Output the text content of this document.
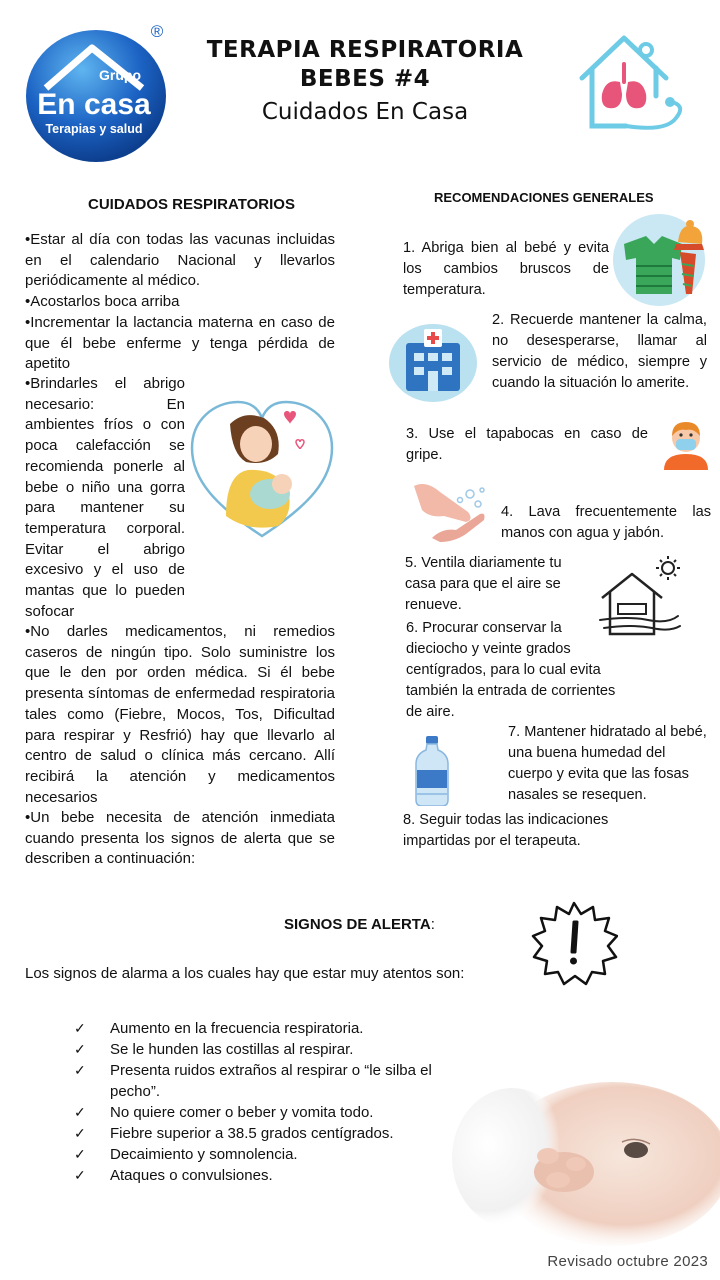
Grupo
En casa
Terapias y salud
®
TERAPIA RESPIRATORIA
BEBES #4
Cuidados En Casa
CUIDADOS RESPIRATORIOS
•Estar al día con todas las vacunas incluidas en el calendario Nacional y llevarlos periódicamente al médico.
•Acostarlos boca arriba
•Incrementar la lactancia materna en caso de que él bebe enferme y tenga pérdida de apetito
•Brindarles el abrigo necesario: En ambientes fríos o con poca calefacción se recomienda ponerle al bebe o niño una gorra para mantener su temperatura corporal. Evitar el abrigo excesivo y el uso de mantas que lo pueden sofocar
•No darles medicamentos, ni remedios caseros de ningún tipo. Solo suministre los que le den por orden médica. Si él bebe presenta síntomas de enfermedad respiratoria tales como (Fiebre, Mocos, Tos, Dificultad para respirar y Resfrió) hay que llevarlo al centro de salud o clínica más cercano. Allí recibirá la atención y medicamentos necesarios
•Un bebe necesita de atención inmediata cuando presenta los signos de alerta que se describen a continuación:
RECOMENDACIONES GENERALES
1. Abriga bien al bebé y evita los cambios bruscos de temperatura.
2. Recuerde mantener la calma, no desesperarse, llamar al servicio de médico, siempre y cuando la situación lo amerite.
3. Use el tapabocas en caso de gripe.
4. Lava frecuentemente las manos con agua y jabón.
5. Ventila diariamente tu casa para que el aire se renueve.
6. Procurar conservar la dieciocho y veinte grados centígrados, para lo cual evita también la entrada de corrientes de aire.
7. Mantener hidratado al bebé, una buena humedad del cuerpo y evita que las fosas nasales se resequen.
8. Seguir todas las indicaciones impartidas por el terapeuta.
SIGNOS DE ALERTA:
Los signos de alarma a los cuales hay que estar muy atentos son:
✓ Aumento en la frecuencia respiratoria.
✓ Se le hunden las costillas al respirar.
✓ Presenta ruidos extraños al respirar o “le silba el pecho”.
✓ No quiere comer o beber y vomita todo.
✓ Fiebre superior a 38.5 grados centígrados.
✓ Decaimiento y somnolencia.
✓ Ataques o convulsiones.
Revisado octubre 2023
